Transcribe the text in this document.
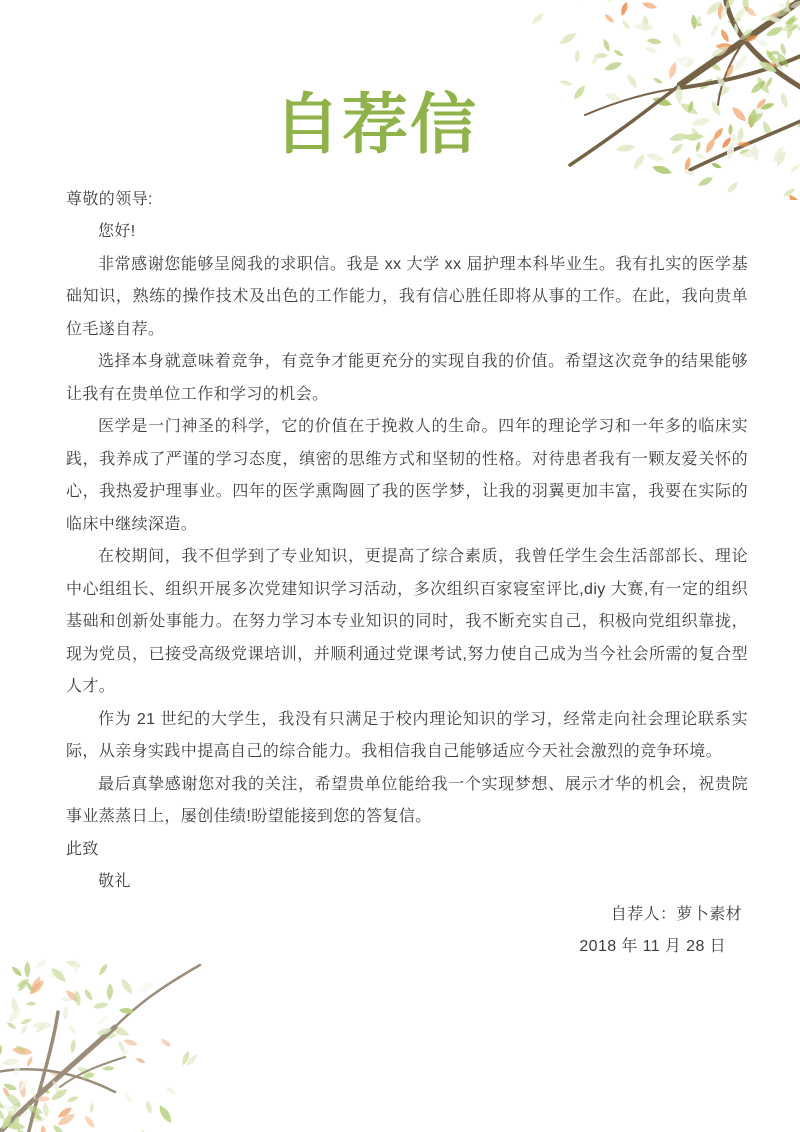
自荐信

尊敬的领导:

您好!

非常感谢您能够呈阅我的求职信。我是 xx 大学 xx 届护理本科毕业生。我有扎实的医学基础知识，熟练的操作技术及出色的工作能力，我有信心胜任即将从事的工作。在此，我向贵单位毛遂自荐。

选择本身就意味着竞争，有竞争才能更充分的实现自我的价值。希望这次竞争的结果能够让我有在贵单位工作和学习的机会。

医学是一门神圣的科学，它的价值在于挽救人的生命。四年的理论学习和一年多的临床实践，我养成了严谨的学习态度，缜密的思维方式和坚韧的性格。对待患者我有一颗友爱关怀的心，我热爱护理事业。四年的医学熏陶圆了我的医学梦，让我的羽翼更加丰富，我要在实际的临床中继续深造。

在校期间，我不但学到了专业知识，更提高了综合素质，我曾任学生会生活部部长、理论中心组组长、组织开展多次党建知识学习活动，多次组织百家寝室评比,diy 大赛,有一定的组织基础和创新处事能力。在努力学习本专业知识的同时，我不断充实自己，积极向党组织靠拢，现为党员，已接受高级党课培训，并顺利通过党课考试,努力使自己成为当今社会所需的复合型人才。

作为 21 世纪的大学生，我没有只满足于校内理论知识的学习，经常走向社会理论联系实际，从亲身实践中提高自己的综合能力。我相信我自己能够适应今天社会激烈的竞争环境。

最后真挚感谢您对我的关注，希望贵单位能给我一个实现梦想、展示才华的机会，祝贵院事业蒸蒸日上，屡创佳绩!盼望能接到您的答复信。

此致

敬礼

自荐人：萝卜素材

2018 年 11 月 28 日
